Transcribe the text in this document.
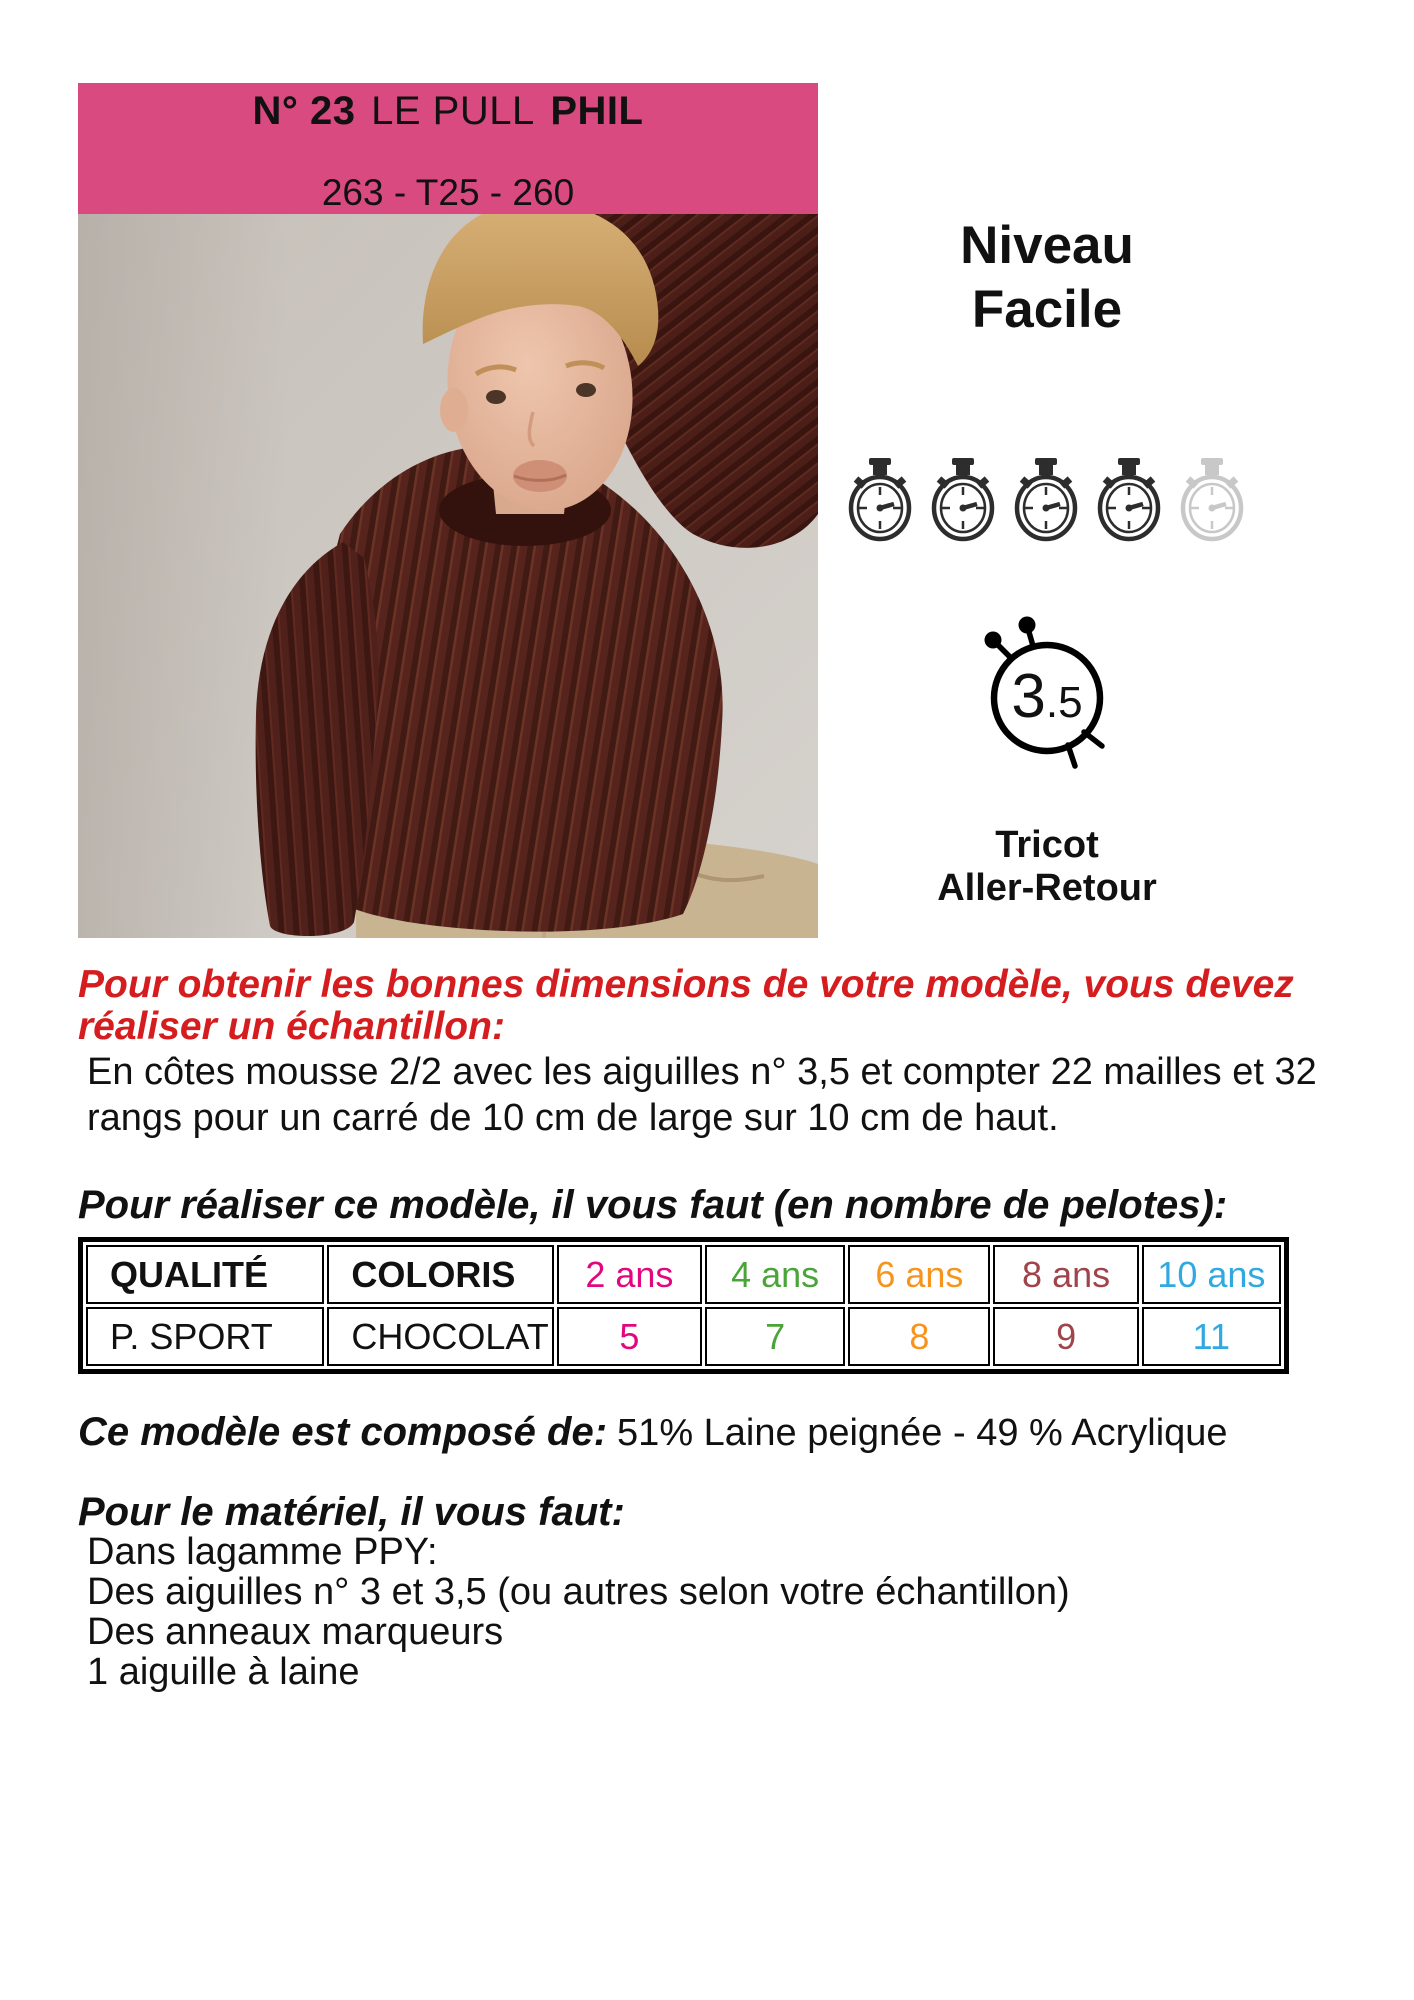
N° 23 LE PULL PHIL
263 - T25 - 260
Niveau
Facile
3 .5
Tricot
Aller-Retour

Pour obtenir les bonnes dimensions de votre modèle, vous devez
réaliser un échantillon:

En côtes mousse 2/2 avec les aiguilles n° 3,5 et compter 22 mailles et 32
rangs pour un carré de 10 cm de large sur 10 cm de haut.

Pour réaliser ce modèle, il vous faut (en nombre de pelotes):
QUALITÉ	COLORIS	2 ans	4 ans	6 ans	8 ans	10 ans
P. SPORT	CHOCOLAT	5	7	8	9	11

Ce modèle est composé de: 51% Laine peignée - 49 % Acrylique

Pour le matériel, il vous faut:
Dans lagamme PPY:
Des aiguilles n° 3 et 3,5 (ou autres selon votre échantillon)
Des anneaux marqueurs
1 aiguille à laine
